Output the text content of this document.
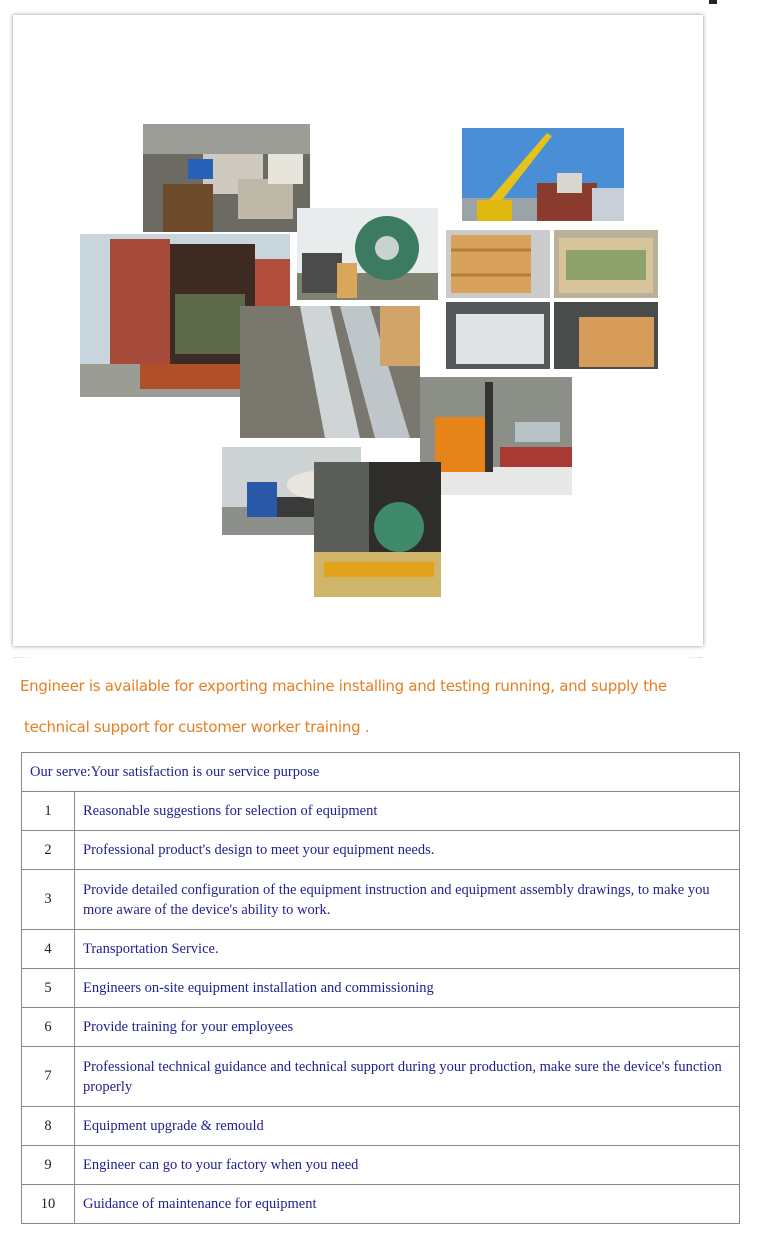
Engineer is available for exporting machine installing and testing running, and supply the
technical support for customer worker training .
Our serve:Your satisfaction is our service purpose	
1	Reasonable suggestions for selection of equipment
2	Professional product's design to meet your equipment needs.
3	Provide detailed configuration of the equipment instruction and equipment assembly drawings, to make you more aware of the device's ability to work.
4	Transportation Service.
5	Engineers on-site equipment installation and commissioning
6	Provide training for your employees
7	Professional technical guidance and technical support during your production, make sure the device's function properly
8	Equipment upgrade & remould
9	Engineer can go to your factory when you need
10	Guidance of maintenance for equipment
